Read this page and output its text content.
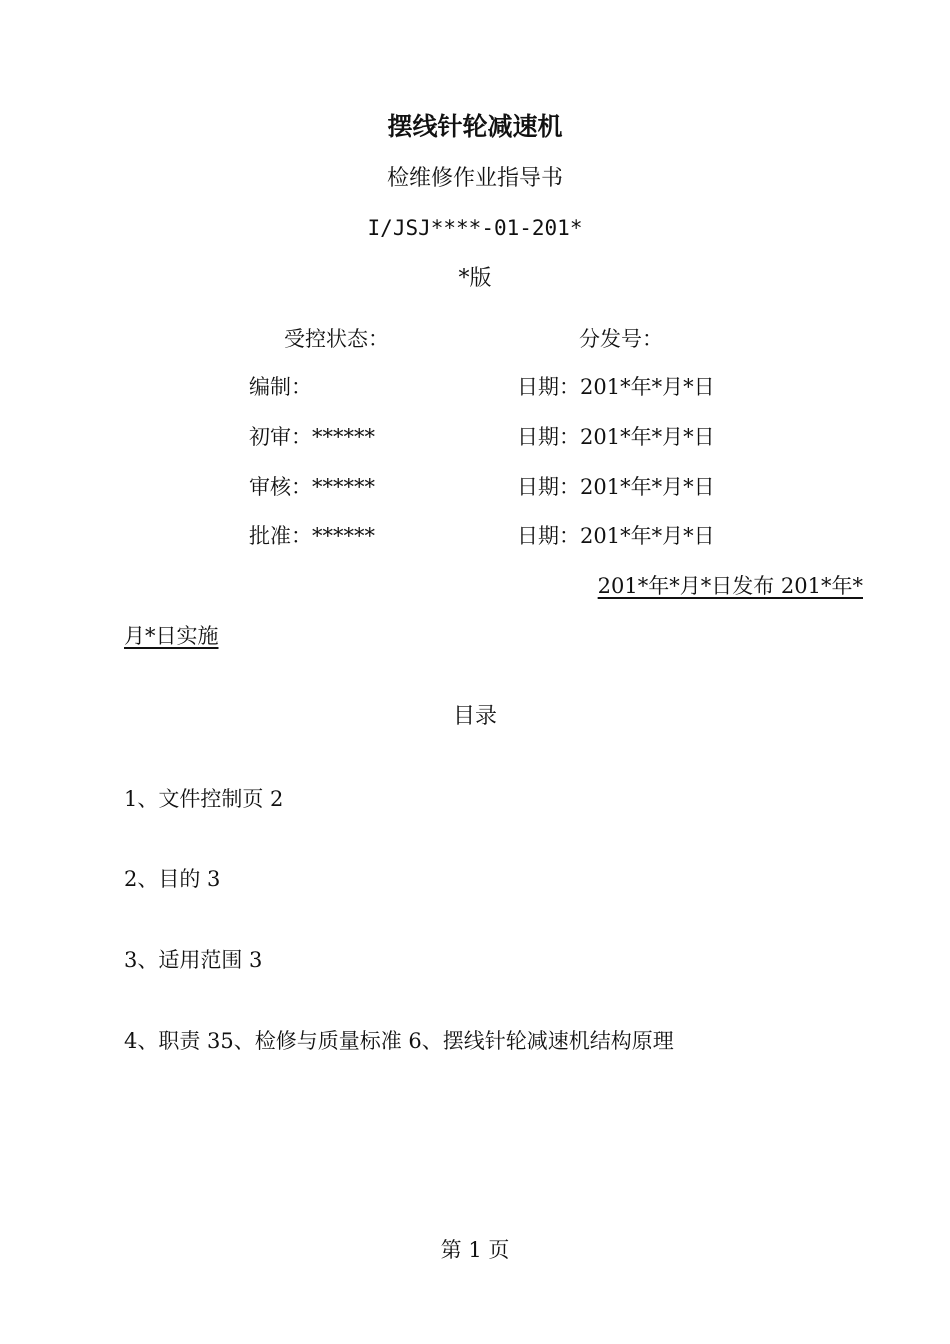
摆线针轮减速机
检维修作业指导书
I/JSJ****-01-201*
*版
受控状态：	分发号：
编制：	日期：201*年*月*日
初审：******	日期：201*年*月*日
审核：******	日期：201*年*月*日
批准：******	日期：201*年*月*日
201*年*月*日发布 201*年*
月*日实施
目录
1、文件控制页 2
2、目的 3
3、适用范围 3
4、职责 35、检修与质量标准 6、摆线针轮减速机结构原理
第 1 页
